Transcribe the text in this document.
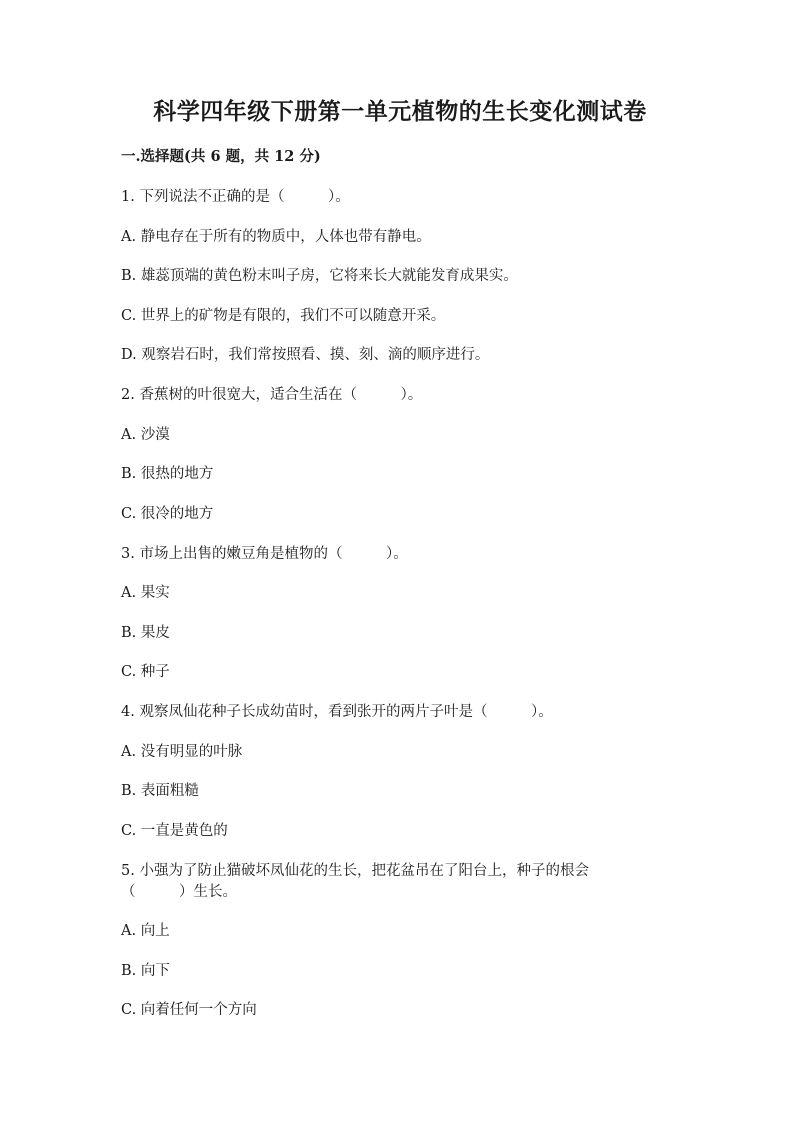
科学四年级下册第一单元植物的生长变化测试卷
一.选择题(共 6 题，共 12 分)
1. 下列说法不正确的是（　　　）。
A. 静电存在于所有的物质中，人体也带有静电。
B. 雄蕊顶端的黄色粉末叫子房，它将来长大就能发育成果实。
C. 世界上的矿物是有限的，我们不可以随意开采。
D. 观察岩石时，我们常按照看、摸、刻、滴的顺序进行。
2. 香蕉树的叶很宽大，适合生活在（　　　）。
A. 沙漠
B. 很热的地方
C. 很冷的地方
3. 市场上出售的嫩豆角是植物的（　　　）。
A. 果实
B. 果皮
C. 种子
4. 观察凤仙花种子长成幼苗时，看到张开的两片子叶是（　　　）。
A. 没有明显的叶脉
B. 表面粗糙
C. 一直是黄色的
5. 小强为了防止猫破坏凤仙花的生长，把花盆吊在了阳台上，种子的根会
（　　　）生长。
A. 向上
B. 向下
C. 向着任何一个方向
